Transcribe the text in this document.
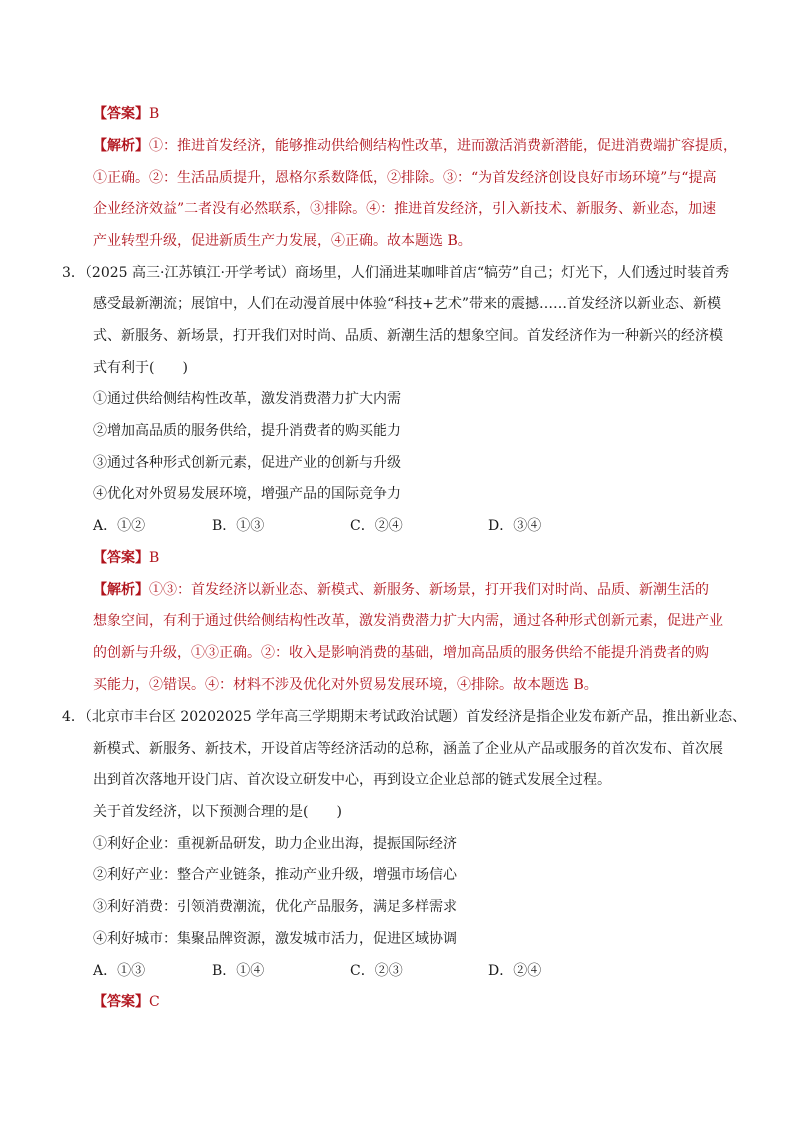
【答案】B
【解析】①：推进首发经济，能够推动供给侧结构性改革，进而激活消费新潜能，促进消费端扩容提质，
①正确。②：生活品质提升，恩格尔系数降低，②排除。③：“为首发经济创设良好市场环境”与“提高
企业经济效益”二者没有必然联系，③排除。④：推进首发经济，引入新技术、新服务、新业态，加速
产业转型升级，促进新质生产力发展，④正确。故本题选 B。
3．（2025 高三·江苏镇江·开学考试）商场里，人们涌进某咖啡首店“犒劳”自己；灯光下，人们透过时装首秀
感受最新潮流；展馆中，人们在动漫首展中体验“科技+艺术”带来的震撼……首发经济以新业态、新模
式、新服务、新场景，打开我们对时尚、品质、新潮生活的想象空间。首发经济作为一种新兴的经济模
式有利于(　　)
①通过供给侧结构性改革，激发消费潜力扩大内需
②增加高品质的服务供给，提升消费者的购买能力
③通过各种形式创新元素，促进产业的创新与升级
④优化对外贸易发展环境，增强产品的国际竞争力
A．①②	B．①③	C．②④	D．③④
【答案】B
【解析】①③：首发经济以新业态、新模式、新服务、新场景，打开我们对时尚、品质、新潮生活的
想象空间，有利于通过供给侧结构性改革，激发消费潜力扩大内需，通过各种形式创新元素，促进产业
的创新与升级，①③正确。②：收入是影响消费的基础，增加高品质的服务供给不能提升消费者的购
买能力，②错误。④：材料不涉及优化对外贸易发展环境，④排除。故本题选 B。
4．（北京市丰台区 20202025 学年高三学期期末考试政治试题）首发经济是指企业发布新产品，推出新业态、
新模式、新服务、新技术，开设首店等经济活动的总称，涵盖了企业从产品或服务的首次发布、首次展
出到首次落地开设门店、首次设立研发中心，再到设立企业总部的链式发展全过程。
关于首发经济，以下预测合理的是(　　)
①利好企业：重视新品研发，助力企业出海，提振国际经济
②利好产业：整合产业链条，推动产业升级，增强市场信心
③利好消费：引领消费潮流，优化产品服务，满足多样需求
④利好城市：集聚品牌资源，激发城市活力，促进区域协调
A．①③	B．①④	C．②③	D．②④
【答案】C
